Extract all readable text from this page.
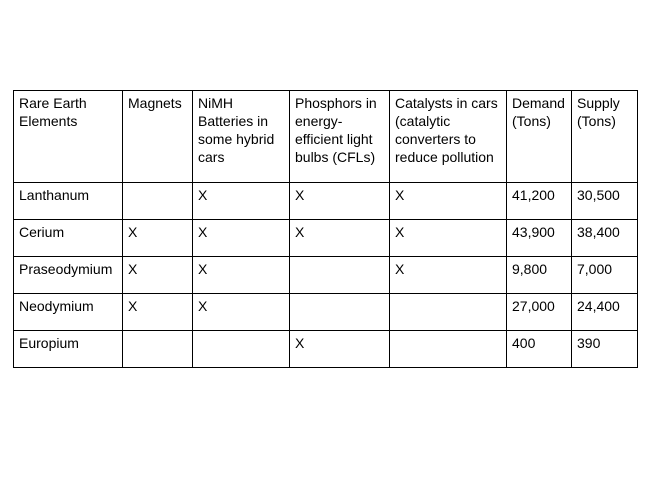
Rare Earth Elements	Magnets	NiMH Batteries in some hybrid cars	Phosphors in energy-efficient light bulbs (CFLs)	Catalysts in cars (catalytic converters to reduce pollution	Demand (Tons)	Supply (Tons)
Lanthanum		X	X	X	41,200	30,500
Cerium	X	X	X	X	43,900	38,400
Praseodymium	X	X		X	9,800	7,000
Neodymium	X	X			27,000	24,400
Europium			X		400	390
